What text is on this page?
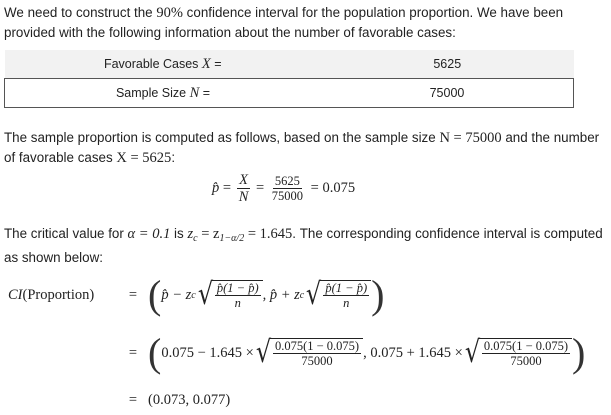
We need to construct the 90% confidence interval for the population proportion. We have been provided with the following information about the number of favorable cases:
Favorable Cases X =	5625
Sample Size N =	75000
The sample proportion is computed as follows, based on the sample size N = 75000 and the number of favorable cases X = 5625:
p̂ = $\frac{X}{N} = \frac{5625}{75000}$
= 0.075
The critical value for α = 0.1 is $z_c = z_{1-\alpha/2} = 1.645$. The corresponding confidence interval is computed as shown below:
CI(Proportion)	= ( p̂ − z c √ $\frac{p̂(1 - p̂)}{n}$ , p̂ + z c √ $\frac{p̂(1 - p̂)}{n}$ )
= ( 0.075 − 1.645 × √ $\frac{0.075(1 - 0.075)}{75000}$ , 0.075 + 1.645 × √ $\frac{0.075(1 - 0.075)}{75000}$ )
= (0.073, 0.077)
